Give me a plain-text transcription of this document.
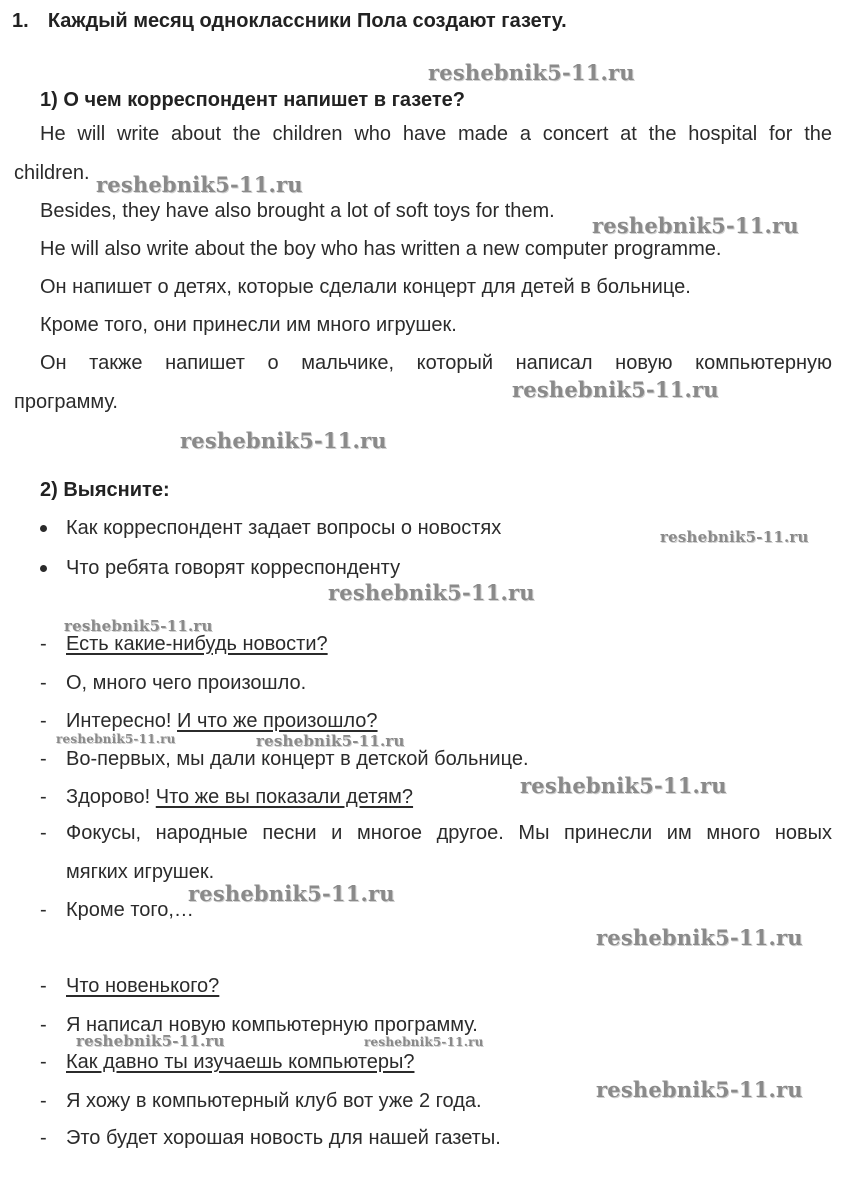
1. Каждый месяц одноклассники Пола создают газету.
1) О чем корреспондент напишет в газете?
He will write about the children who have made a concert at the hospital for the
children.
Besides, they have also brought a lot of soft toys for them.
He will also write about the boy who has written a new computer programme.
Он напишет о детях, которые сделали концерт для детей в больнице.
Кроме того, они принесли им много игрушек.
Он также напишет о мальчике, который написал новую компьютерную
программу.
2) Выясните:
Как корреспондент задает вопросы о новостях
Что ребята говорят корреспонденту
- Есть какие-нибудь новости?
- О, много чего произошло.
- Интересно! И что же произошло?
- Во-первых, мы дали концерт в детской больнице.
- Здорово! Что же вы показали детям?
- Фокусы, народные песни и многое другое. Мы принесли им много новых
мягких игрушек.
- Кроме того,…
- Что новенького?
- Я написал новую компьютерную программу.
- Как давно ты изучаешь компьютеры?
- Я хожу в компьютерный клуб вот уже 2 года.
- Это будет хорошая новость для нашей газеты.
reshebnik5-11.ru
reshebnik5-11.ru
reshebnik5-11.ru
reshebnik5-11.ru
reshebnik5-11.ru
reshebnik5-11.ru
reshebnik5-11.ru
reshebnik5-11.ru
reshebnik5-11.ru	reshebnik5-11.ru
reshebnik5-11.ru
reshebnik5-11.ru
reshebnik5-11.ru
reshebnik5-11.ru	reshebnik5-11.ru
reshebnik5-11.ru
